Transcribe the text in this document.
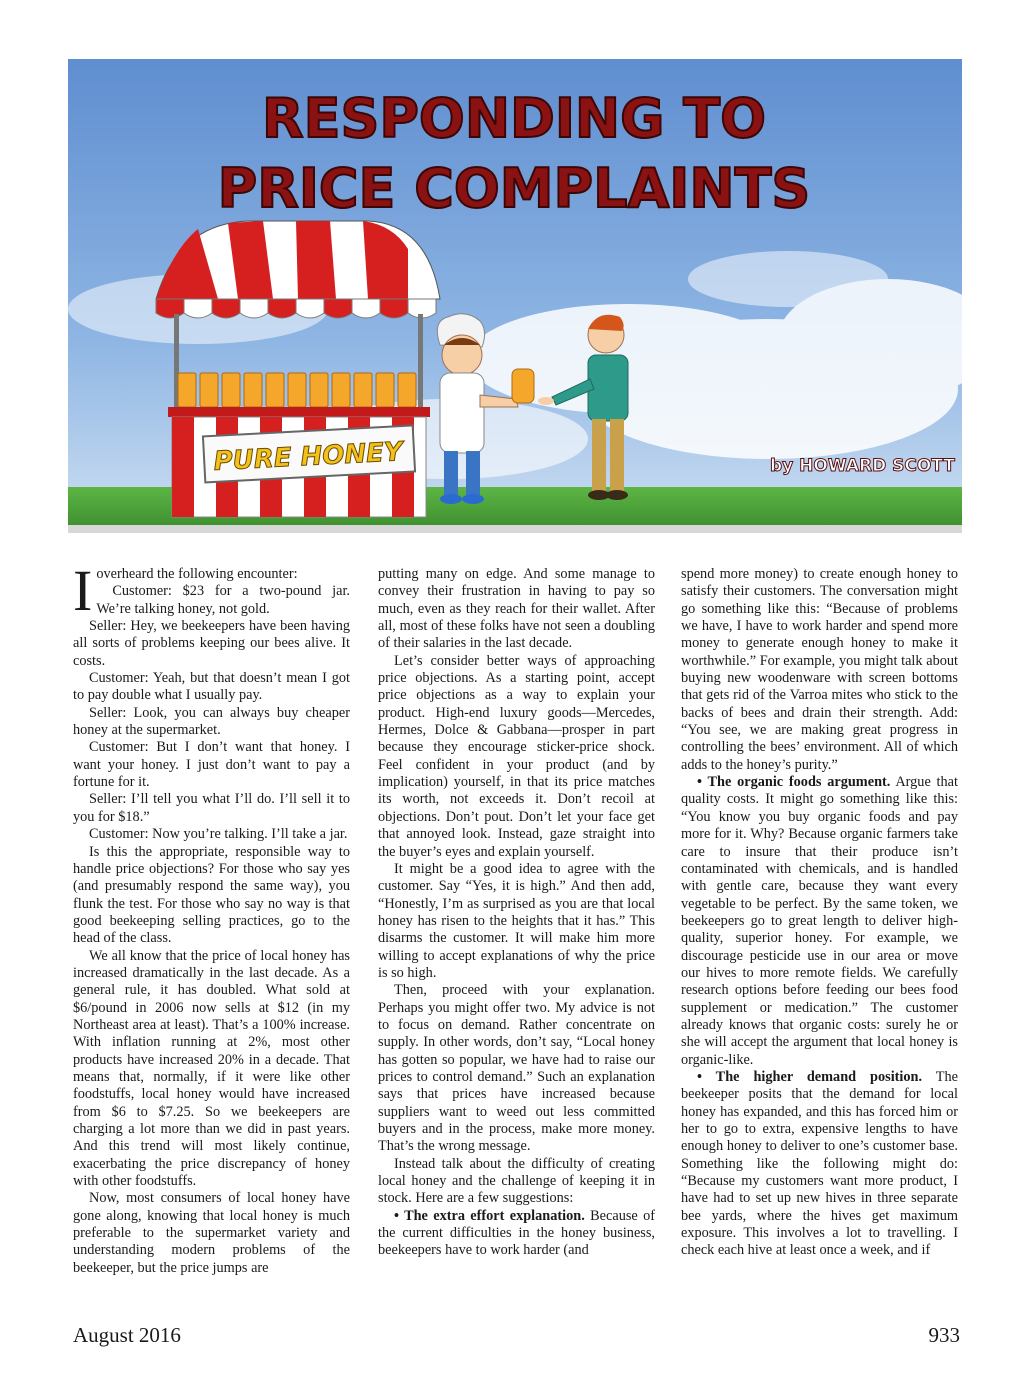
RESPONDING TO
PRICE COMPLAINTS
by HOWARD SCOTT
PURE HONEY

Ioverheard the following encounter:

Customer: $23 for a two-pound jar. We’re talking honey, not gold.

Seller: Hey, we beekeepers have been having all sorts of problems keeping our bees alive. It costs.

Customer: Yeah, but that doesn’t mean I got to pay double what I usually pay.

Seller: Look, you can always buy cheaper honey at the supermarket.

Customer: But I don’t want that honey. I want your honey. I just don’t want to pay a fortune for it.

Seller: I’ll tell you what I’ll do. I’ll sell it to you for $18.”

Customer: Now you’re talking. I’ll take a jar.

Is this the appropriate, responsible way to handle price objections? For those who say yes (and presumably respond the same way), you flunk the test. For those who say no way is that good beekeeping selling practices, go to the head of the class.

We all know that the price of local honey has increased dramatically in the last decade. As a general rule, it has doubled. What sold at $6/pound in 2006 now sells at $12 (in my Northeast area at least). That’s a 100% increase. With inflation running at 2%, most other products have increased 20% in a decade. That means that, normally, if it were like other foodstuffs, local honey would have increased from $6 to $7.25. So we beekeepers are charging a lot more than we did in past years. And this trend will most likely continue, exacerbating the price discrepancy of honey with other foodstuffs.

Now, most consumers of local honey have gone along, knowing that local honey is much preferable to the supermarket variety and understanding modern problems of the beekeeper, but the price jumps are

putting many on edge. And some manage to convey their frustration in having to pay so much, even as they reach for their wallet. After all, most of these folks have not seen a doubling of their salaries in the last decade.

Let’s consider better ways of approaching price objections. As a starting point, accept price objections as a way to explain your product. High-end luxury goods—Mercedes, Hermes, Dolce & Gabbana—prosper in part because they encourage sticker-price shock. Feel confident in your product (and by implication) yourself, in that its price matches its worth, not exceeds it. Don’t recoil at objections. Don’t pout. Don’t let your face get that annoyed look. Instead, gaze straight into the buyer’s eyes and explain yourself.

It might be a good idea to agree with the customer. Say “Yes, it is high.” And then add, “Honestly, I’m as surprised as you are that local honey has risen to the heights that it has.” This disarms the customer. It will make him more willing to accept explanations of why the price is so high.

Then, proceed with your explanation. Perhaps you might offer two. My advice is not to focus on demand. Rather concentrate on supply. In other words, don’t say, “Local honey has gotten so popular, we have had to raise our prices to control demand.” Such an explanation says that prices have increased because suppliers want to weed out less committed buyers and in the process, make more money. That’s the wrong message.

Instead talk about the difficulty of creating local honey and the challenge of keeping it in stock. Here are a few suggestions:

• The extra effort explanation. Because of the current difficulties in the honey business, beekeepers have to work harder (and

spend more money) to create enough honey to satisfy their customers. The conversation might go something like this: “Because of problems we have, I have to work harder and spend more money to generate enough honey to make it worthwhile.” For example, you might talk about buying new woodenware with screen bottoms that gets rid of the Varroa mites who stick to the backs of bees and drain their strength. Add: “You see, we are making great progress in controlling the bees’ environment. All of which adds to the honey’s purity.”

• The organic foods argument. Argue that quality costs. It might go something like this: “You know you buy organic foods and pay more for it. Why? Because organic farmers take care to insure that their produce isn’t contaminated with chemicals, and is handled with gentle care, because they want every vegetable to be perfect. By the same token, we beekeepers go to great length to deliver high-quality, superior honey. For example, we discourage pesticide use in our area or move our hives to more remote fields. We carefully research options before feeding our bees food supplement or medication.” The customer already knows that organic costs: surely he or she will accept the argument that local honey is organic-like.

• The higher demand position. The beekeeper posits that the demand for local honey has expanded, and this has forced him or her to go to extra, expensive lengths to have enough honey to deliver to one’s customer base. Something like the following might do: “Because my customers want more product, I have had to set up new hives in three separate bee yards, where the hives get maximum exposure. This involves a lot to travelling. I check each hive at least once a week, and if

August 2016	933
